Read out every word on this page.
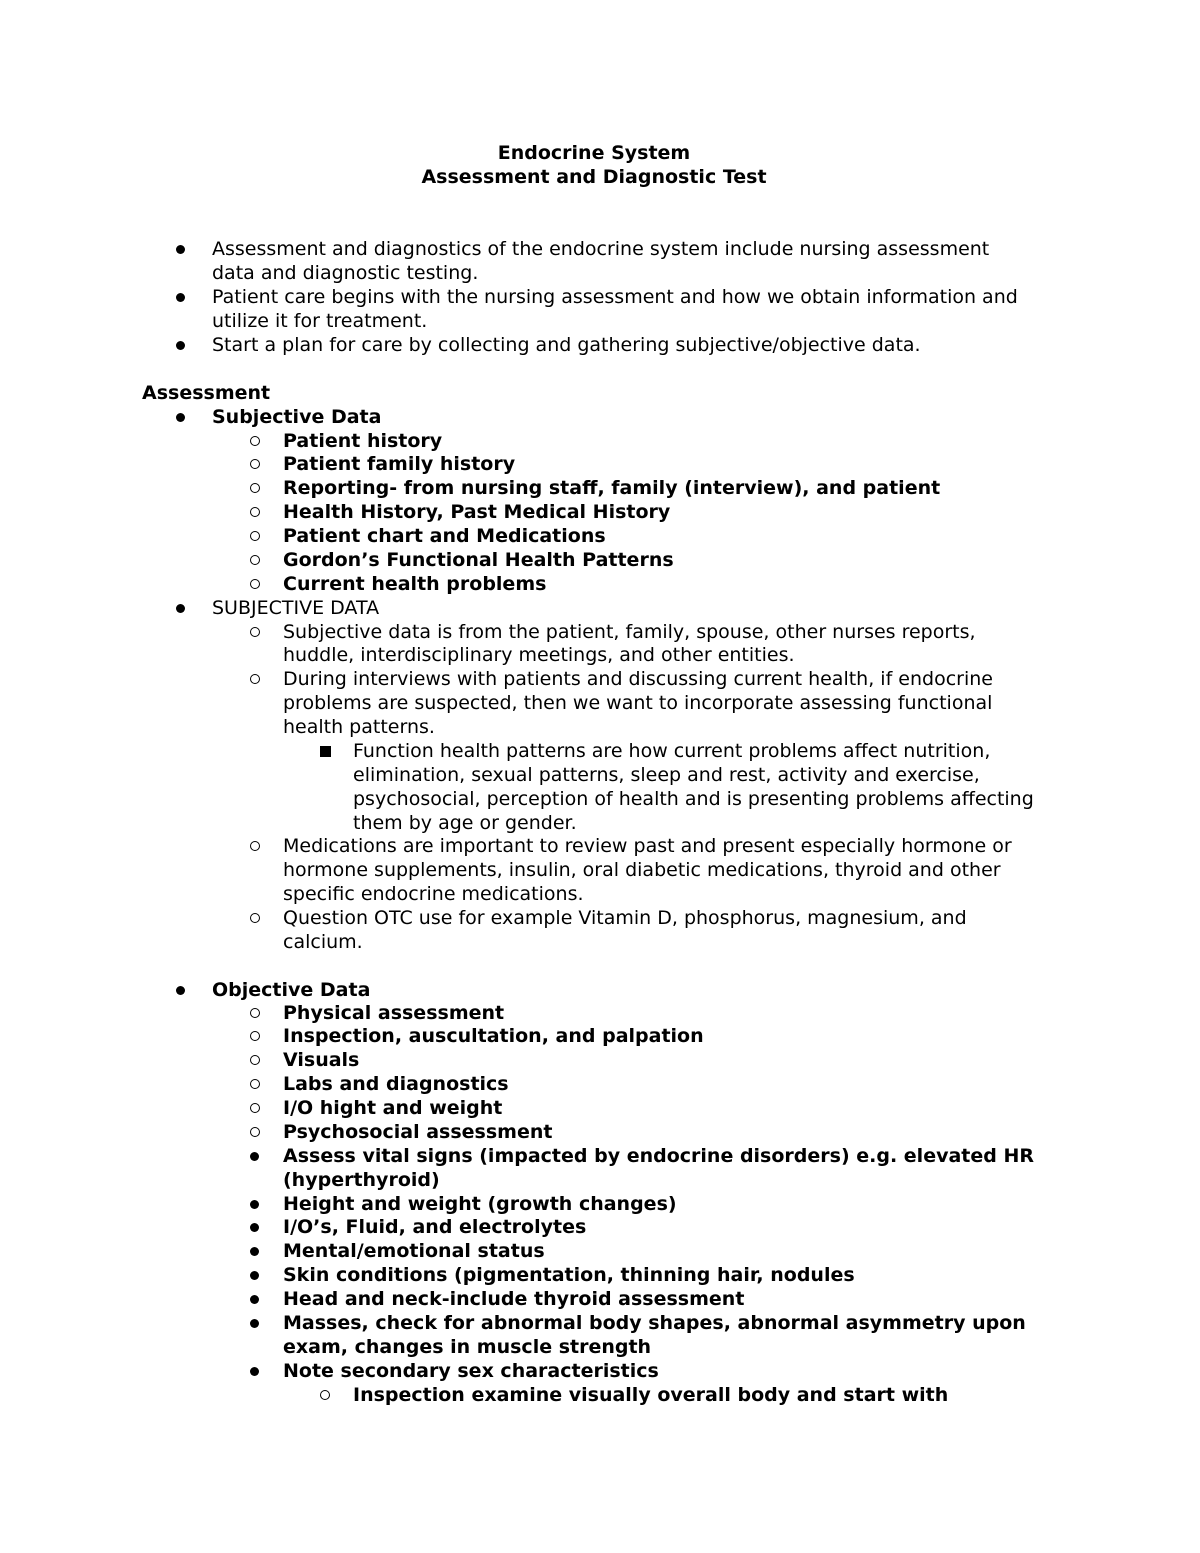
Endocrine System
Assessment and Diagnostic Test
Assessment and diagnostics of the endocrine system include nursing assessment
data and diagnostic testing.
Patient care begins with the nursing assessment and how we obtain information and
utilize it for treatment.
Start a plan for care by collecting and gathering subjective/objective data.
Assessment
Subjective Data
Patient history
Patient family history
Reporting- from nursing staff, family (interview), and patient
Health History, Past Medical History
Patient chart and Medications
Gordon’s Functional Health Patterns
Current health problems
SUBJECTIVE DATA
Subjective data is from the patient, family, spouse, other nurses reports,
huddle, interdisciplinary meetings, and other entities.
During interviews with patients and discussing current health, if endocrine
problems are suspected, then we want to incorporate assessing functional
health patterns.
Function health patterns are how current problems affect nutrition,
elimination, sexual patterns, sleep and rest, activity and exercise,
psychosocial, perception of health and is presenting problems affecting
them by age or gender.
Medications are important to review past and present especially hormone or
hormone supplements, insulin, oral diabetic medications, thyroid and other
specific endocrine medications.
Question OTC use for example Vitamin D, phosphorus, magnesium, and
calcium.
Objective Data
Physical assessment
Inspection, auscultation, and palpation
Visuals
Labs and diagnostics
I/O hight and weight
Psychosocial assessment
Assess vital signs (impacted by endocrine disorders) e.g. elevated HR
(hyperthyroid)
Height and weight (growth changes)
I/O’s, Fluid, and electrolytes
Mental/emotional status
Skin conditions (pigmentation, thinning hair, nodules
Head and neck-include thyroid assessment
Masses, check for abnormal body shapes, abnormal asymmetry upon
exam, changes in muscle strength
Note secondary sex characteristics
Inspection examine visually overall body and start with
